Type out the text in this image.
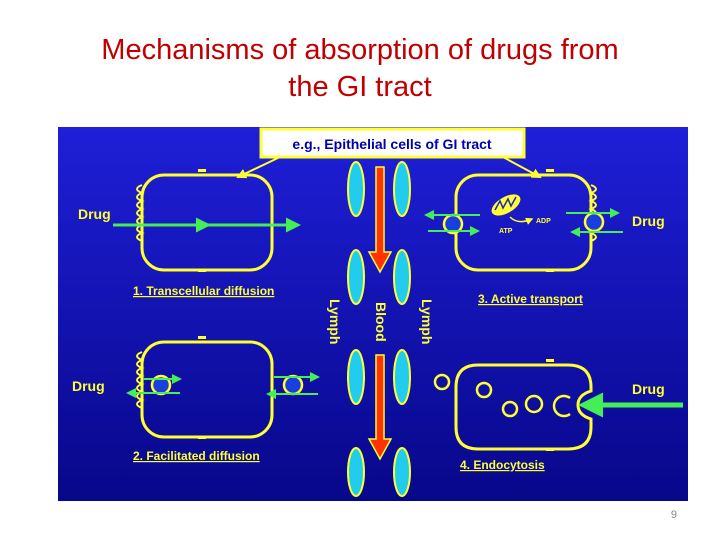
Mechanisms of absorption of drugs from
the GI tract
e.g., Epithelial cells of GI tract
Lymph Blood Lymph
Drug
1. Transcellular diffusion
Drug
2. Facilitated diffusion
ATP
ADP	Drug
3. Active transport
Drug
4. Endocytosis
9
